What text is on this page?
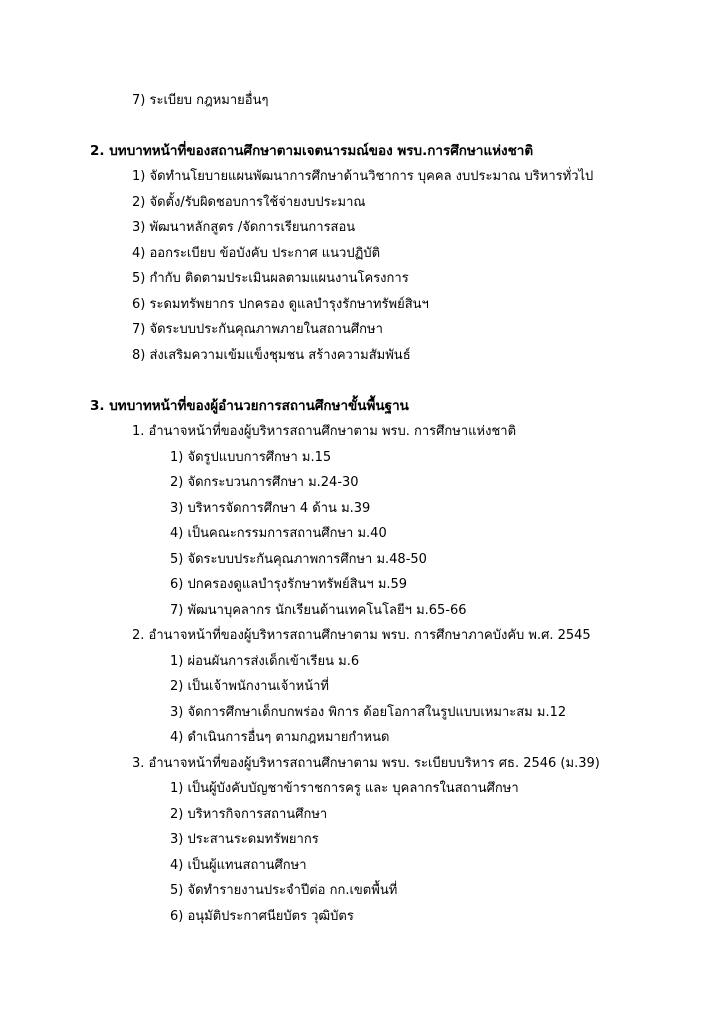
7) ระเบียบ กฎหมายอื่นๆ
2. บทบาทหน้าที่ของสถานศึกษาตามเจตนารมณ์ของ พรบ.การศึกษาแห่งชาติ
1) จัดทำนโยบายแผนพัฒนาการศึกษาด้านวิชาการ บุคคล งบประมาณ บริหารทั่วไป
2) จัดตั้ง/รับผิดชอบการใช้จ่ายงบประมาณ
3) พัฒนาหลักสูตร /จัดการเรียนการสอน
4) ออกระเบียบ ข้อบังคับ ประกาศ แนวปฏิบัติ
5) กำกับ ติดตามประเมินผลตามแผนงานโครงการ
6) ระดมทรัพยากร ปกครอง ดูแลบำรุงรักษาทรัพย์สินฯ
7) จัดระบบประกันคุณภาพภายในสถานศึกษา
8) ส่งเสริมความเข้มแข็งชุมชน สร้างความสัมพันธ์
3. บทบาทหน้าที่ของผู้อำนวยการสถานศึกษาขั้นพื้นฐาน
1. อำนาจหน้าที่ของผู้บริหารสถานศึกษาตาม พรบ. การศึกษาแห่งชาติ
1) จัดรูปแบบการศึกษา ม.15
2) จัดกระบวนการศึกษา ม.24-30
3) บริหารจัดการศึกษา 4 ด้าน ม.39
4) เป็นคณะกรรมการสถานศึกษา ม.40
5) จัดระบบประกันคุณภาพการศึกษา ม.48-50
6) ปกครองดูแลบำรุงรักษาทรัพย์สินฯ ม.59
7) พัฒนาบุคลากร นักเรียนด้านเทคโนโลยีฯ ม.65-66
2. อำนาจหน้าที่ของผู้บริหารสถานศึกษาตาม พรบ. การศึกษาภาคบังคับ พ.ศ. 2545
1) ผ่อนผันการส่งเด็กเข้าเรียน ม.6
2) เป็นเจ้าพนักงานเจ้าหน้าที่
3) จัดการศึกษาเด็กบกพร่อง พิการ ด้อยโอกาสในรูปแบบเหมาะสม ม.12
4) ดำเนินการอื่นๆ ตามกฎหมายกำหนด
3. อำนาจหน้าที่ของผู้บริหารสถานศึกษาตาม พรบ. ระเบียบบริหาร ศธ. 2546 (ม.39)
1) เป็นผู้บังคับบัญชาข้าราชการครู และ บุคลากรในสถานศึกษา
2) บริหารกิจการสถานศึกษา
3) ประสานระดมทรัพยากร
4) เป็นผู้แทนสถานศึกษา
5) จัดทำรายงานประจำปีต่อ กก.เขตพื้นที่
6) อนุมัติประกาศนียบัตร วุฒิบัตร
